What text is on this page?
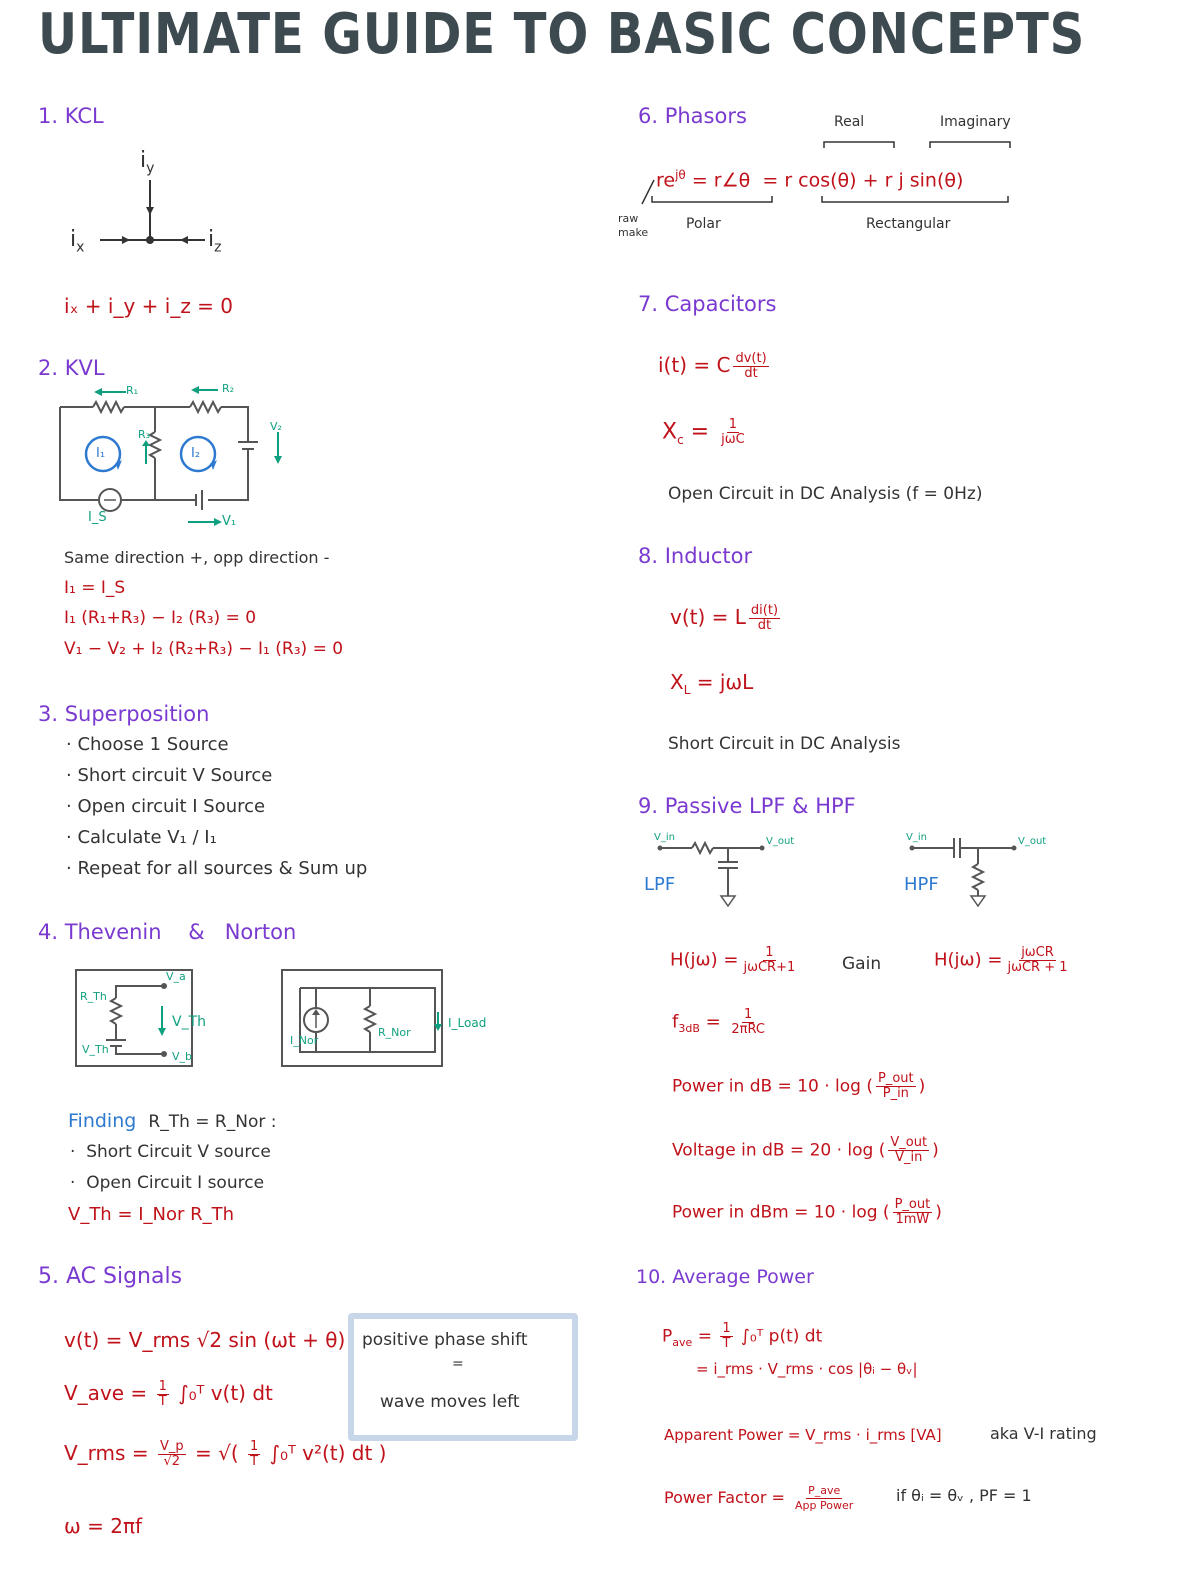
ULTIMATE GUIDE TO BASIC CONCEPTS
1. KCL
$i_y$
$i_x$	$i_z$
iₓ + i_y + i_z = 0
2. KVL
R₁	R₂
R₃
V₂
V₁
I₁	I₂
I_S
Same direction +, opp direction -
I₁ = I_S
I₁ (R₁+R₃) − I₂ (R₃) = 0
V₁ − V₂ + I₂ (R₂+R₃) − I₁ (R₃) = 0
3. Superposition
· Choose 1 Source
· Short circuit V Source
· Open circuit I Source
· Calculate V₁ / I₁
· Repeat for all sources & Sum up
4. Thevenin & Norton
R_Th
V_Th
V_Th
V_a
V_b
I_Nor
R_Nor
I_Load
Finding R_Th = R_Nor :
·  Short Circuit V source
·  Open Circuit I source
V_Th = I_Nor R_Th
5. AC Signals
v(t) = V_rms √2 sin (ωt + θ)
V_ave = $\frac{1}{T}$ ∫₀ᵀ v(t) dt
V_rms = $\frac{V\_p}{√2}$ = √( $\frac{1}{T}$ ∫₀ᵀ v²(t) dt )
ω = 2πf
positive phase shift
=
wave moves left
6. Phasors	Real	Imaginary
$re^{j\theta}$ = r∠θ = r cos(θ) + r j sin(θ)
Polar	Rectangular
raw
make
7. Capacitors
i(t) = C $\frac{dv(t)}{dt}$
$X_c = \frac{1}{\text{jωC}}$
Open Circuit in DC Analysis (f = 0Hz)
8. Inductor
v(t) = L $\frac{di(t)}{dt}$
$X_L = j\omega L$
Short Circuit in DC Analysis
9. Passive LPF & HPF
V_in	V_out
LPF
V_in	V_out
HPF
$H(j\omega) = \frac{1}{\text{jωCR+1}}$	Gain	$H(j\omega) = \frac{\text{jωCR}}{\text{jωCR + 1}}$
$f_{3dB} = \frac{1}{\text{2πRC}}$
Power in dB = 10 · log ( $\frac{\text{P\_out}}{P\_in}$ )
Voltage in dB = 20 · log ( $\frac{\text{V\_out}}{V\_in}$ )
Power in dBm = 10 · log ( $\frac{\text{P\_out}}{1mW}$ )
10. Average Power
$P_{ave} = \frac{1}{T}$ ∫₀ᵀ p(t) dt
= i_rms · V_rms · cos |θᵢ − θᵥ|
Apparent Power = V_rms · i_rms [VA]	aka V-I rating
Power Factor = $\frac{\text{P\_ave}}{\text{App Power}}$	if θᵢ = θᵥ , PF = 1
